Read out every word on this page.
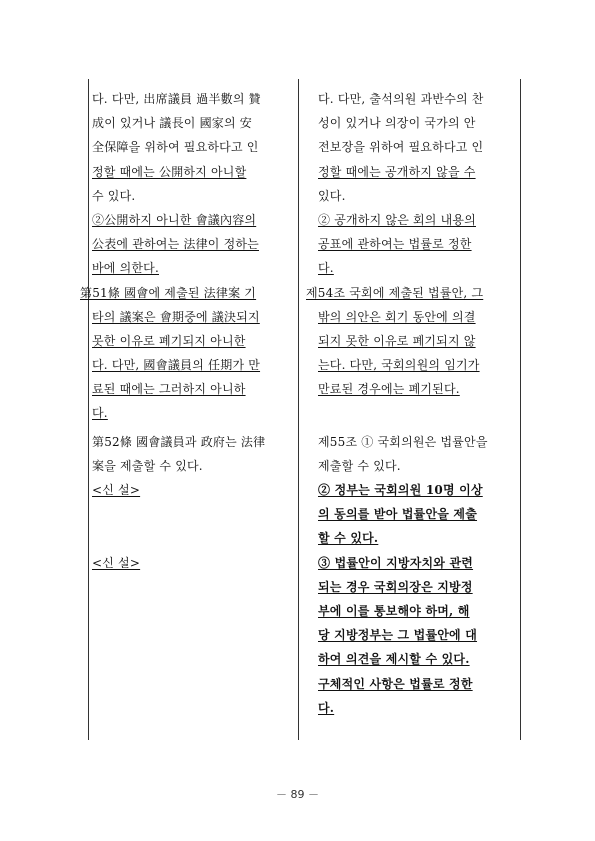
다. 다만, 出席議員 過半數의 贊
成이 있거나 議長이 國家의 安
全保障을 위하여 필요하다고 인
정할 때에는 公開하지 아니할
수 있다.
②公開하지 아니한 會議內容의
公表에 관하여는 法律이 정하는
바에 의한다.
第51條 國會에 제출된 法律案 기
타의 議案은 會期중에 議決되지
못한 이유로 폐기되지 아니한
다. 다만, 國會議員의 任期가 만
료된 때에는 그러하지 아니하
다.
第52條 國會議員과 政府는 法律
案을 제출할 수 있다.
<신 설>
<신 설>
다. 다만, 출석의원 과반수의 찬
성이 있거나 의장이 국가의 안
전보장을 위하여 필요하다고 인
정할 때에는 공개하지 않을 수
있다.
② 공개하지 않은 회의 내용의
공표에 관하여는 법률로 정한
다.
제54조 국회에 제출된 법률안, 그
밖의 의안은 회기 동안에 의결
되지 못한 이유로 폐기되지 않
는다. 다만, 국회의원의 임기가
만료된 경우에는 폐기된다.
제55조 ① 국회의원은 법률안을
제출할 수 있다.
② 정부는 국회의원 10명 이상
의 동의를 받아 법률안을 제출
할 수 있다.
③ 법률안이 지방자치와 관련
되는 경우 국회의장은 지방정
부에 이를 통보해야 하며, 해
당 지방정부는 그 법률안에 대
하여 의견을 제시할 수 있다.
구체적인 사항은 법률로 정한
다.
－ 89 －
